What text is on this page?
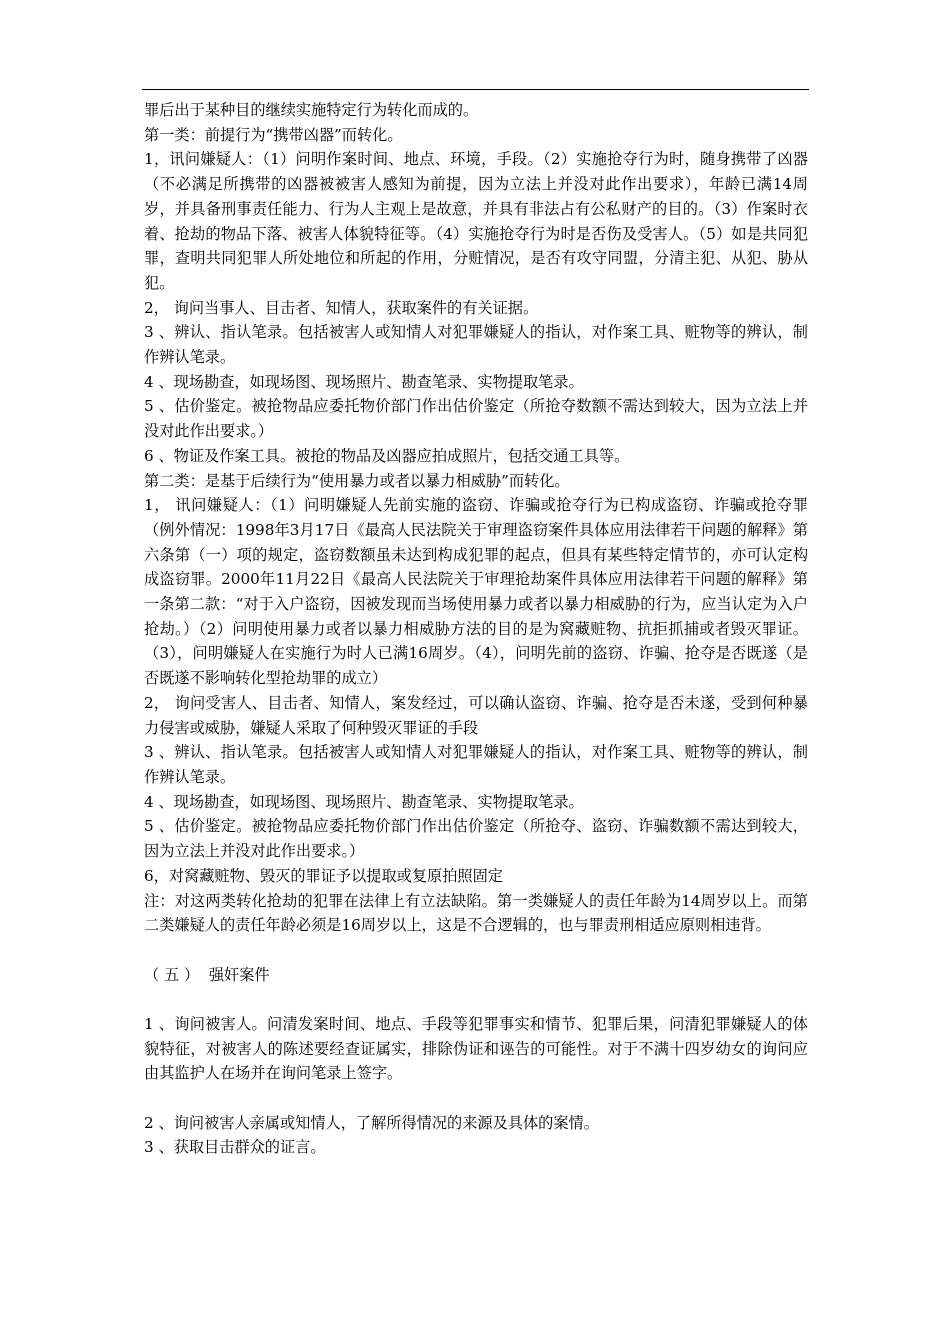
罪后出于某种目的继续实施特定行为转化而成的。

第一类：前提行为“携带凶器”而转化。

1，讯问嫌疑人：（1）问明作案时间、地点、环境，手段。（2）实施抢夺行为时，随身携带了凶器（不必满足所携带的凶器被被害人感知为前提，因为立法上并没对此作出要求），年龄已满14周岁，并具备刑事责任能力、行为人主观上是故意，并具有非法占有公私财产的目的。（3）作案时衣着、抢劫的物品下落、被害人体貌特征等。（4）实施抢夺行为时是否伤及受害人。（5）如是共同犯罪，查明共同犯罪人所处地位和所起的作用，分赃情况，是否有攻守同盟，分清主犯、从犯、胁从犯。

2， 询问当事人、目击者、知情人，获取案件的有关证据。

3 、辨认、指认笔录。包括被害人或知情人对犯罪嫌疑人的指认，对作案工具、赃物等的辨认，制作辨认笔录。

4 、现场勘查，如现场图、现场照片、勘查笔录、实物提取笔录。

5 、估价鉴定。被抢物品应委托物价部门作出估价鉴定（所抢夺数额不需达到较大，因为立法上并没对此作出要求。）

6 、物证及作案工具。被抢的物品及凶器应拍成照片，包括交通工具等。

第二类：是基于后续行为“使用暴力或者以暴力相威胁”而转化。

1， 讯问嫌疑人：（1）问明嫌疑人先前实施的盗窃、诈骗或抢夺行为已构成盗窃、诈骗或抢夺罪（例外情况：1998年3月17日《最高人民法院关于审理盗窃案件具体应用法律若干问题的解释》第六条第（一）项的规定，盗窃数额虽未达到构成犯罪的起点，但具有某些特定情节的，亦可认定构成盗窃罪。2000年11月22日《最高人民法院关于审理抢劫案件具体应用法律若干问题的解释》第一条第二款：“对于入户盗窃，因被发现而当场使用暴力或者以暴力相威胁的行为，应当认定为入户抢劫。）（2）问明使用暴力或者以暴力相威胁方法的目的是为窝藏赃物、抗拒抓捕或者毁灭罪证。（3），问明嫌疑人在实施行为时人已满16周岁。（4），问明先前的盗窃、诈骗、抢夺是否既遂（是否既遂不影响转化型抢劫罪的成立）

2， 询问受害人、目击者、知情人，案发经过，可以确认盗窃、诈骗、抢夺是否未遂，受到何种暴力侵害或威胁，嫌疑人采取了何种毁灭罪证的手段

3 、辨认、指认笔录。包括被害人或知情人对犯罪嫌疑人的指认，对作案工具、赃物等的辨认，制作辨认笔录。

4 、现场勘查，如现场图、现场照片、勘查笔录、实物提取笔录。

5 、估价鉴定。被抢物品应委托物价部门作出估价鉴定（所抢夺、盗窃、诈骗数额不需达到较大，因为立法上并没对此作出要求。）

6，对窝藏赃物、毁灭的罪证予以提取或复原拍照固定

注：对这两类转化抢劫的犯罪在法律上有立法缺陷。第一类嫌疑人的责任年龄为14周岁以上。而第二类嫌疑人的责任年龄必须是16周岁以上，这是不合逻辑的，也与罪责刑相适应原则相违背。

（ 五 ）  强奸案件

1 、询问被害人。问清发案时间、地点、手段等犯罪事实和情节、犯罪后果，问清犯罪嫌疑人的体貌特征，对被害人的陈述要经查证属实，排除伪证和诬告的可能性。对于不满十四岁幼女的询问应由其监护人在场并在询问笔录上签字。

2 、询问被害人亲属或知情人，了解所得情况的来源及具体的案情。

3 、获取目击群众的证言。
